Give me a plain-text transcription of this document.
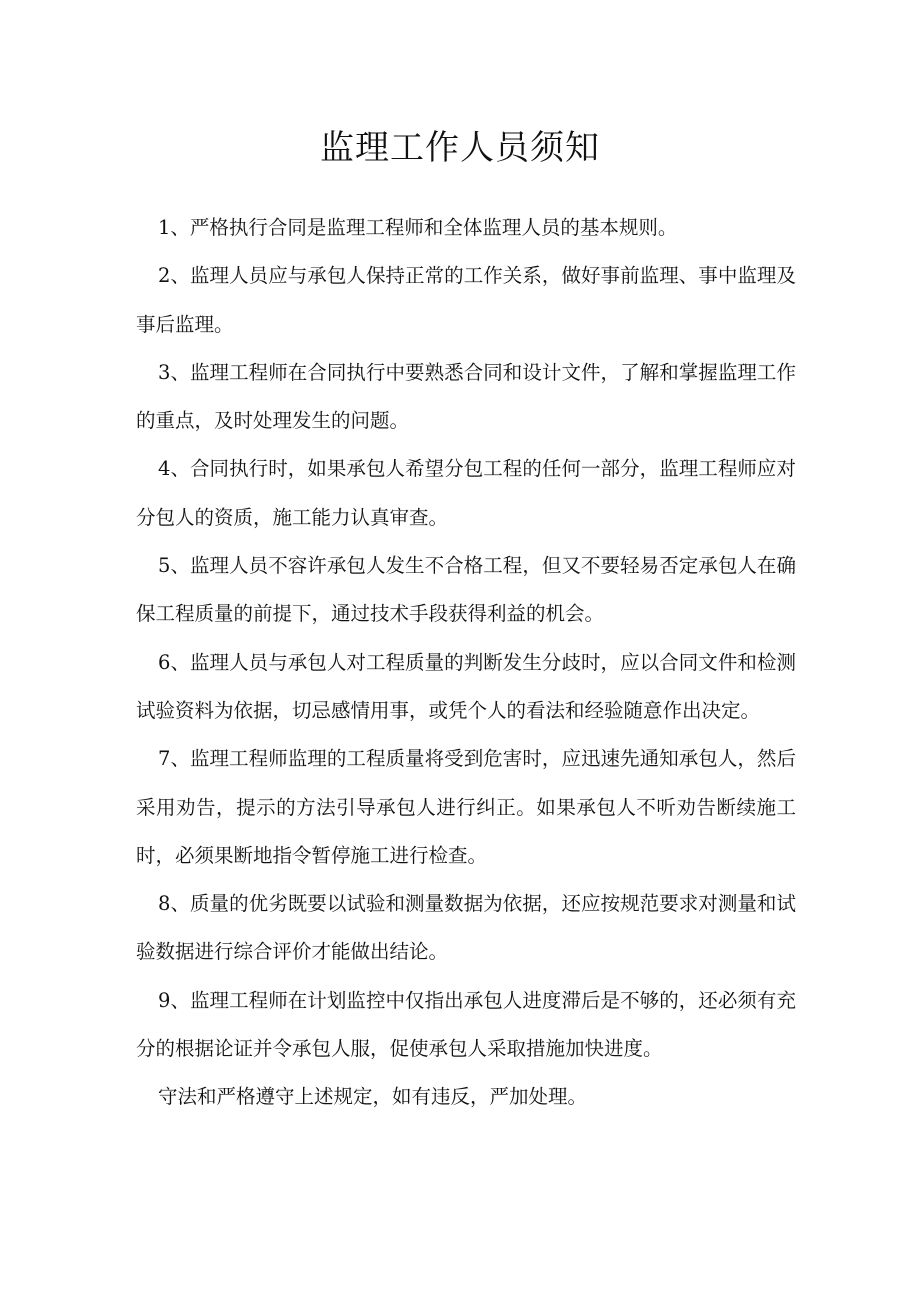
监理工作人员须知

1、严格执行合同是监理工程师和全体监理人员的基本规则。

2、监理人员应与承包人保持正常的工作关系，做好事前监理、事中监理及事后监理。

3、监理工程师在合同执行中要熟悉合同和设计文件，了解和掌握监理工作的重点，及时处理发生的问题。

4、合同执行时，如果承包人希望分包工程的任何一部分，监理工程师应对分包人的资质，施工能力认真审查。

5、监理人员不容许承包人发生不合格工程，但又不要轻易否定承包人在确保工程质量的前提下，通过技术手段获得利益的机会。

6、监理人员与承包人对工程质量的判断发生分歧时，应以合同文件和检测试验资料为依据，切忌感情用事，或凭个人的看法和经验随意作出决定。

7、监理工程师监理的工程质量将受到危害时，应迅速先通知承包人，然后采用劝告，提示的方法引导承包人进行纠正。如果承包人不听劝告断续施工时，必须果断地指令暂停施工进行检查。

8、质量的优劣既要以试验和测量数据为依据，还应按规范要求对测量和试验数据进行综合评价才能做出结论。

9、监理工程师在计划监控中仅指出承包人进度滞后是不够的，还必须有充分的根据论证并令承包人服，促使承包人采取措施加快进度。

守法和严格遵守上述规定，如有违反，严加处理。
